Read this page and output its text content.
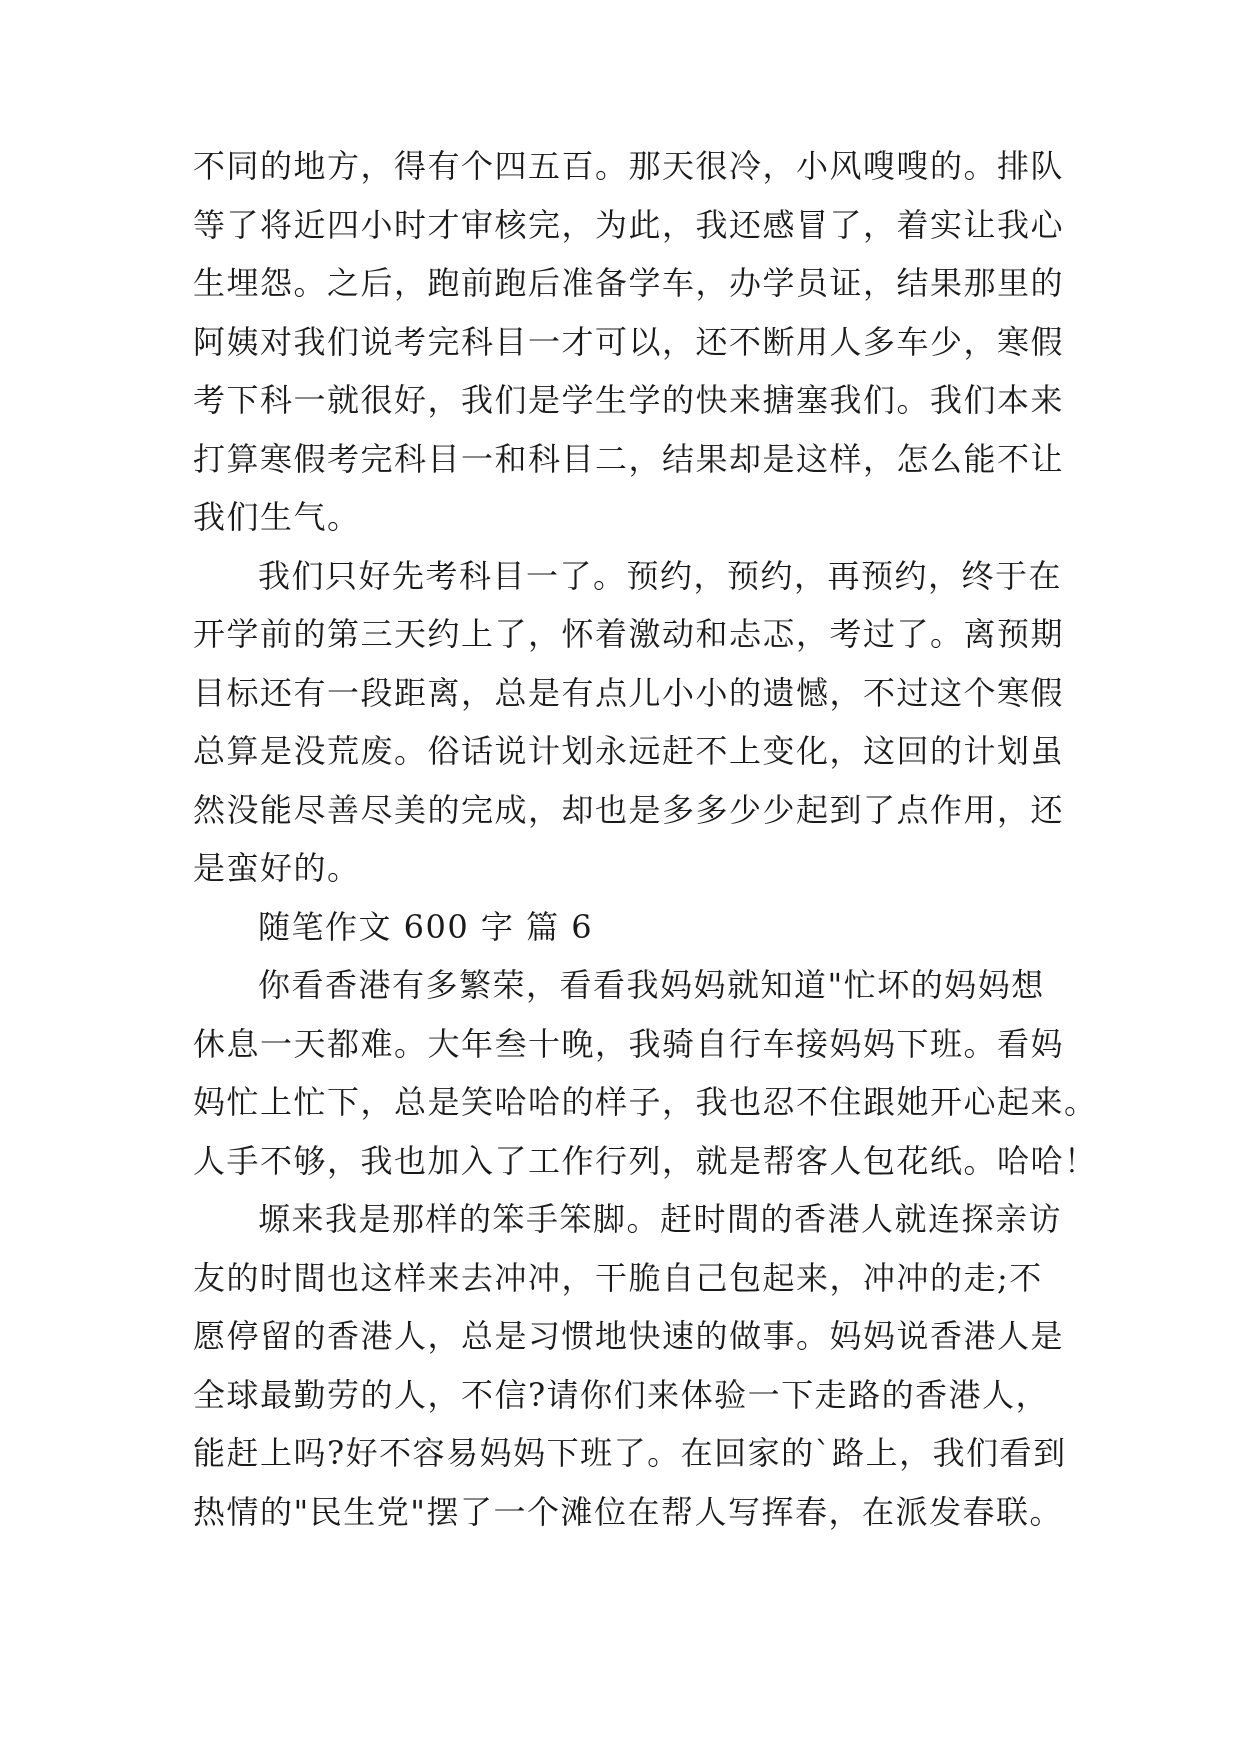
不同的地方，得有个四五百。那天很冷，小风嗖嗖的。排队
等了将近四小时才审核完，为此，我还感冒了，着实让我心
生埋怨。之后，跑前跑后准备学车，办学员证，结果那里的
阿姨对我们说考完科目一才可以，还不断用人多车少，寒假
考下科一就很好，我们是学生学的快来搪塞我们。我们本来
打算寒假考完科目一和科目二，结果却是这样，怎么能不让
我们生气。
我们只好先考科目一了。预约，预约，再预约，终于在
开学前的第三天约上了，怀着激动和忐忑，考过了。离预期
目标还有一段距离，总是有点儿小小的遗憾，不过这个寒假
总算是没荒废。俗话说计划永远赶不上变化，这回的计划虽
然没能尽善尽美的完成，却也是多多少少起到了点作用，还
是蛮好的。
随笔作文 600 字 篇 6
你看香港有多繁荣，看看我妈妈就知道"忙坏的妈妈想
休息一天都难。大年叁十晚，我骑自行车接妈妈下班。看妈
妈忙上忙下，总是笑哈哈的样子，我也忍不住跟她开心起来。
人手不够，我也加入了工作行列，就是帮客人包花纸。哈哈！
塬来我是那样的笨手笨脚。赶时間的香港人就连探亲访
友的时間也这样来去冲冲，干脆自己包起来，冲冲的走;不
愿停留的香港人，总是习惯地快速的做事。妈妈说香港人是
全球最勤劳的人，不信?请你们来体验一下走路的香港人，
能赶上吗?好不容易妈妈下班了。在回家的`路上，我们看到
热情的"民生党"摆了一个滩位在帮人写挥春，在派发春联。
